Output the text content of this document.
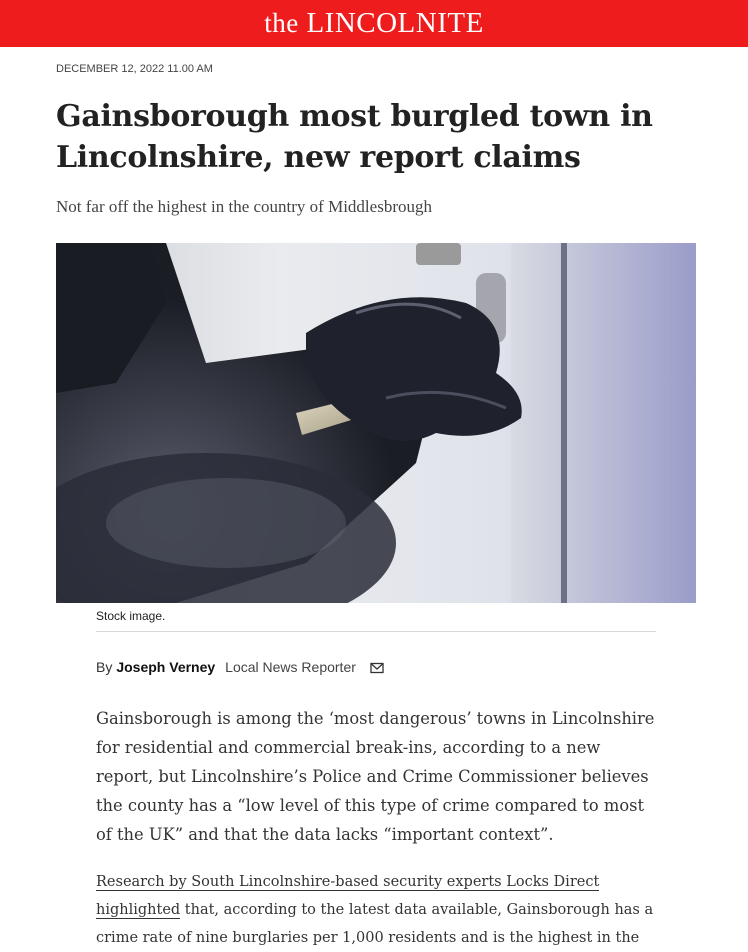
the LINCOLNITE
DECEMBER 12, 2022 11.00 AM
Gainsborough most burgled town in Lincolnshire, new report claims
Not far off the highest in the country of Middlesbrough
Stock image.
By Joseph Verney Local News Reporter

Gainsborough is among the ‘most dangerous’ towns in Lincolnshire for residential and commercial break-ins, according to a new report, but Lincolnshire’s Police and Crime Commissioner believes the county has a “low level of this type of crime compared to most of the UK” and that the data lacks “important context”.

Research by South Lincolnshire-based security experts Locks Direct highlighted that, according to the latest data available, Gainsborough has a crime rate of nine burglaries per 1,000 residents and is the highest in the
